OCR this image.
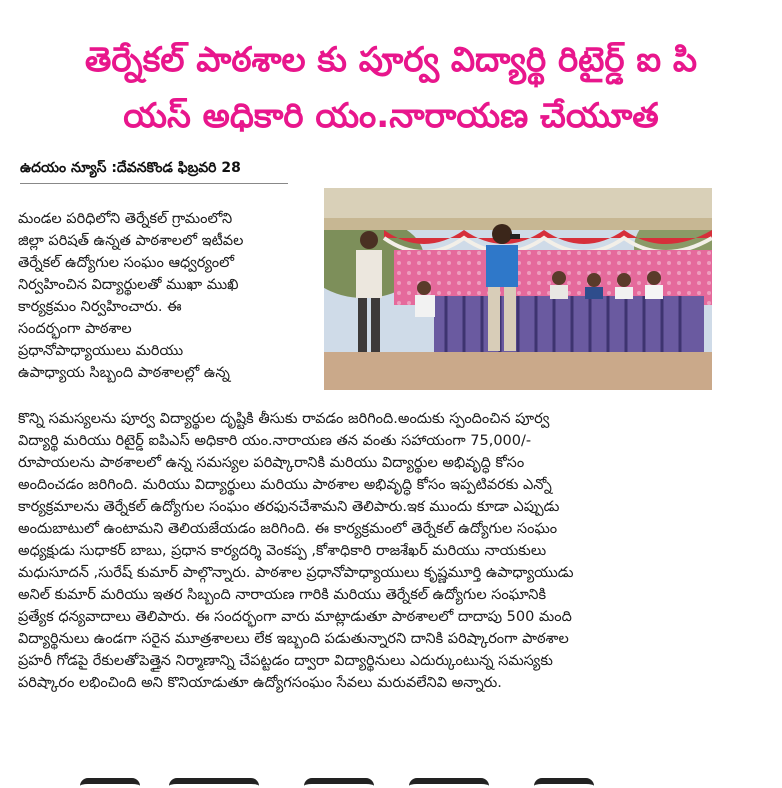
తెర్నేకల్ పాఠశాల కు పూర్వ విద్యార్థి రిటైర్డ్ ఐ పి
యస్ అధికారి యం.నారాయణ చేయూత
ఉదయం న్యూస్ :దేవనకొండ ఫిబ్రవరి 28
మండల పరిధిలోని తెర్నేకల్ గ్రామంలోని
జిల్లా పరిషత్ ఉన్నత పాఠశాలలో ఇటీవల
తెర్నేకల్ ఉద్యోగుల సంఘం ఆధ్వర్యంలో
నిర్వహించిన విద్యార్థులతో ముఖా ముఖి
కార్యక్రమం నిర్వహించారు. ఈ
సందర్భంగా పాఠశాల
ప్రధానోపాధ్యాయులు మరియు
ఉపాధ్యాయ సిబ్బంది పాఠశాలల్లో ఉన్న
కొన్ని సమస్యలను పూర్వ విద్యార్థుల దృష్టికి తీసుకు రావడం జరిగింది.అందుకు స్పందించిన పూర్వ
విద్యార్థి మరియు రిటైర్డ్ ఐపిఎస్ అధికారి యం.నారాయణ తన వంతు సహాయంగా 75,000/-
రూపాయలను పాఠశాలలో ఉన్న సమస్యల పరిష్కారానికి మరియు విద్యార్థుల అభివృద్ధి కోసం
అందించడం జరిగింది. మరియు విద్యార్థులు మరియు పాఠశాల అభివృద్ధి కోసం ఇప్పటివరకు ఎన్నో
కార్యక్రమాలను తెర్నేకల్ ఉద్యోగుల సంఘం తరఫునచేశామని తెలిపారు.ఇక ముందు కూడా ఎప్పుడు
అందుబాటులో ఉంటామని తెలియజేయడం జరిగింది. ఈ కార్యక్రమంలో తెర్నేకల్ ఉద్యోగుల సంఘం
అధ్యక్షుడు సుధాకర్ బాబు, ప్రధాన కార్యదర్శి వెంకప్ప ,కోశాధికారి రాజశేఖర్ మరియు నాయకులు
మధుసూదన్ ,సురేష్ కుమార్ పాల్గొన్నారు. పాఠశాల ప్రధానోపాధ్యాయులు కృష్ణమూర్తి ఉపాధ్యాయుడు
అనిల్ కుమార్ మరియు ఇతర సిబ్బంది నారాయణ గారికి మరియు తెర్నేకల్ ఉద్యోగుల సంఘానికి
ప్రత్యేక ధన్యవాదాలు తెలిపారు. ఈ సందర్భంగా వారు మాట్లాడుతూ పాఠశాలలో దాదాపు 500 మంది
విద్యార్థినులు ఉండగా సరైన మూత్రశాలలు లేక ఇబ్బంది పడుతున్నారని దానికి పరిష్కారంగా పాఠశాల
ప్రహరీ గోడపై రేకులతోపెత్తైన నిర్మాణాన్ని చేపట్టడం ద్వారా విద్యార్థినులు ఎదుర్కుంటున్న సమస్యకు
పరిష్కారం లభించింది అని కొనియాడుతూ ఉద్యోగసంఘం సేవలు మరువలేనివి అన్నారు.
